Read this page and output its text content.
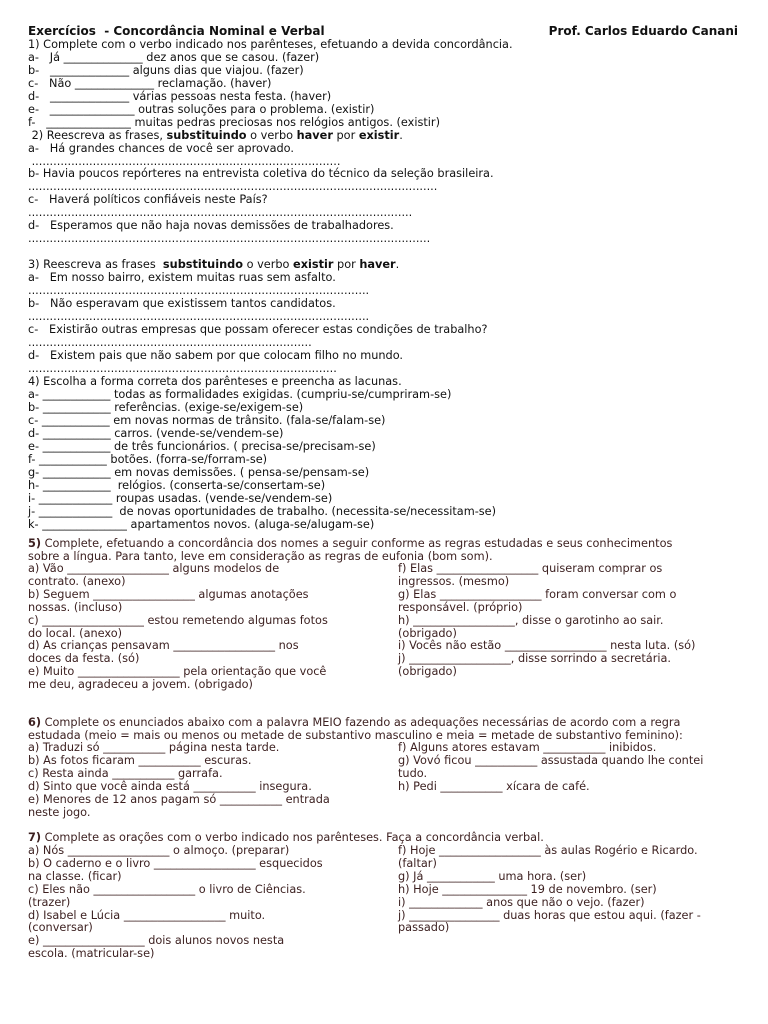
Exercícios  - Concordância Nominal e Verbal	Prof. Carlos Eduardo Canani
1) Complete com o verbo indicado nos parênteses, efetuando a devida concordância.
a-   Já ______________ dez anos que se casou. (fazer)
b-   ______________ alguns dias que viajou. (fazer)
c-   Não ______________ reclamação. (haver)
d-   ______________ várias pessoas nesta festa. (haver)
e-   _______________ outras soluções para o problema. (existir)
f-   _______________ muitas pedras preciosas nos relógios antigos. (existir)
2) Reescreva as frases, substituindo o verbo haver por existir.
a-   Há grandes chances de você ser aprovado.
......................................................................................
b- Havia poucos repórteres na entrevista coletiva do técnico da seleção brasileira.
..................................................................................................................
c-   Haverá políticos confiáveis neste País?
...........................................................................................................
d-   Esperamos que não haja novas demissões de trabalhadores.
................................................................................................................
3) Reescreva as frases  substituindo o verbo existir por haver.
a-   Em nosso bairro, existem muitas ruas sem asfalto.
...............................................................................................
b-   Não esperavam que existissem tantos candidatos.
...............................................................................................
c-   Existirão outras empresas que possam oferecer estas condições de trabalho?
...............................................................................
d-   Existem pais que não sabem por que colocam filho no mundo.
......................................................................................
4) Escolha a forma correta dos parênteses e preencha as lacunas.
a- ____________ todas as formalidades exigidas. (cumpriu-se/cumpriram-se)
b- ____________ referências. (exige-se/exigem-se)
c- ____________ em novas normas de trânsito. (fala-se/falam-se)
d- ____________ carros. (vende-se/vendem-se)
e- ____________ de três funcionários. ( precisa-se/precisam-se)
f- ____________ botões. (forra-se/forram-se)
g- ____________ em novas demissões. ( pensa-se/pensam-se)
h- ____________  relógios. (conserta-se/consertam-se)
i- _____________ roupas usadas. (vende-se/vendem-se)
j- _____________  de novas oportunidades de trabalho. (necessita-se/necessitam-se)
k- _______________ apartamentos novos. (aluga-se/alugam-se)
5) Complete, efetuando a concordância dos nomes a seguir conforme as regras estudadas e seus conhecimentos
sobre a língua. Para tanto, leve em consideração as regras de eufonia (bom som).
a) Vão __________________ alguns modelos de
contrato. (anexo)
b) Seguem __________________ algumas anotações
nossas. (incluso)
c) __________________ estou remetendo algumas fotos
do local. (anexo)
d) As crianças pensavam __________________ nos
doces da festa. (só)
e) Muito __________________ pela orientação que você
me deu, agradeceu a jovem. (obrigado)
f) Elas __________________ quiseram comprar os
ingressos. (mesmo)
g) Elas __________________ foram conversar com o
responsável. (próprio)
h) __________________, disse o garotinho ao sair.
(obrigado)
i) Vocês não estão __________________ nesta luta. (só)
j) __________________, disse sorrindo a secretária.
(obrigado)
6) Complete os enunciados abaixo com a palavra MEIO fazendo as adequações necessárias de acordo com a regra
estudada (meio = mais ou menos ou metade de substantivo masculino e meia = metade de substantivo feminino):
a) Traduzi só ___________ página nesta tarde.
b) As fotos ficaram ___________ escuras.
c) Resta ainda ___________ garrafa.
d) Sinto que você ainda está ___________ insegura.
e) Menores de 12 anos pagam só ___________ entrada
neste jogo.
f) Alguns atores estavam ___________ inibidos.
g) Vovó ficou ___________ assustada quando lhe contei
tudo.
h) Pedi ___________ xícara de café.
7) Complete as orações com o verbo indicado nos parênteses. Faça a concordância verbal.
a) Nós __________________ o almoço. (preparar)
b) O caderno e o livro __________________ esquecidos
na classe. (ficar)
c) Eles não __________________ o livro de Ciências.
(trazer)
d) Isabel e Lúcia __________________ muito.
(conversar)
e) __________________ dois alunos novos nesta
escola. (matricular-se)
f) Hoje __________________ às aulas Rogério e Ricardo.
(faltar)
g) Já ____________ uma hora. (ser)
h) Hoje _______________ 19 de novembro. (ser)
i) _____________ anos que não o vejo. (fazer)
j) ________________ duas horas que estou aqui. (fazer -
passado)
